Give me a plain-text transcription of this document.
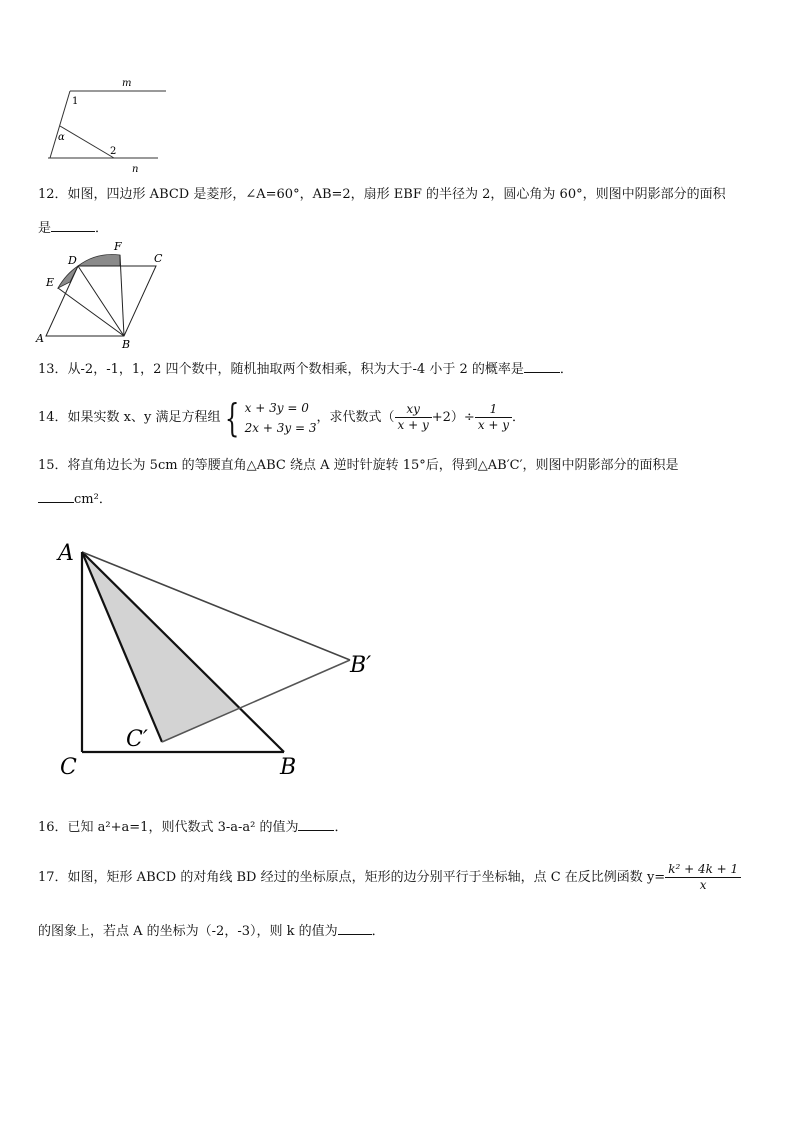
m
n
1
2
α
12．如图，四边形 ABCD 是菱形，∠A=60°，AB=2，扇形 EBF 的半径为 2，圆心角为 60°，则图中阴影部分的面积
是	．
A	B
C
D
E
F
13．从-2，-1，1，2 四个数中，随机抽取两个数相乘，积为大于-4 小于 2 的概率是	．
14．如果实数 x、y 满足方程组 { x + 3y = 0
2x + 3y = 3
，求代数式（ $\frac{xy}{x + y} +2)\div \frac{1}{x + y}$ ．
15．将直角边长为 5cm 的等腰直角△ABC 绕点 A 逆时针旋转 15°后，得到△AB′C′，则图中阴影部分的面积是
cm²．
A
C	B
B′
C′
16．已知 a²+a=1，则代数式 3-a-a² 的值为	．
17．如图，矩形 ABCD 的对角线 BD 经过的坐标原点，矩形的边分别平行于坐标轴，点 C 在反比例函数 $y= \frac{\text{k² + 4k + 1}}{x}$
的图象上，若点 A 的坐标为（-2，-3），则 k 的值为	．
